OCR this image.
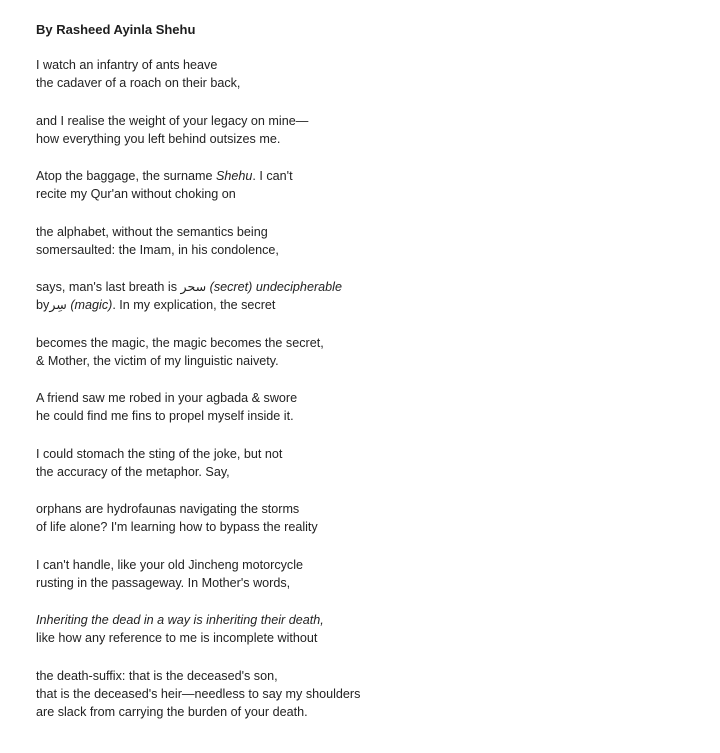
By Rasheed Ayinla Shehu
I watch an infantry of ants heave
the cadaver of a roach on their back,
and I realise the weight of your legacy on mine—
how everything you left behind outsizes me.
Atop the baggage, the surname Shehu. I can't
recite my Qur'an without choking on
the alphabet, without the semantics being
somersaulted: the Imam, in his condolence,
says, man's last breath is سحر (secret) undecipherable
byسِر (magic). In my explication, the secret
becomes the magic, the magic becomes the secret,
& Mother, the victim of my linguistic naivety.
A friend saw me robed in your agbada & swore
he could find me fins to propel myself inside it.
I could stomach the sting of the joke, but not
the accuracy of the metaphor. Say,
orphans are hydrofaunas navigating the storms
of life alone? I'm learning how to bypass the reality
I can't handle, like your old Jincheng motorcycle
rusting in the passageway. In Mother's words,
Inheriting the dead in a way is inheriting their death,
like how any reference to me is incomplete without
the death-suffix: that is the deceased's son,
that is the deceased's heir—needless to say my shoulders
are slack from carrying the burden of your death.
